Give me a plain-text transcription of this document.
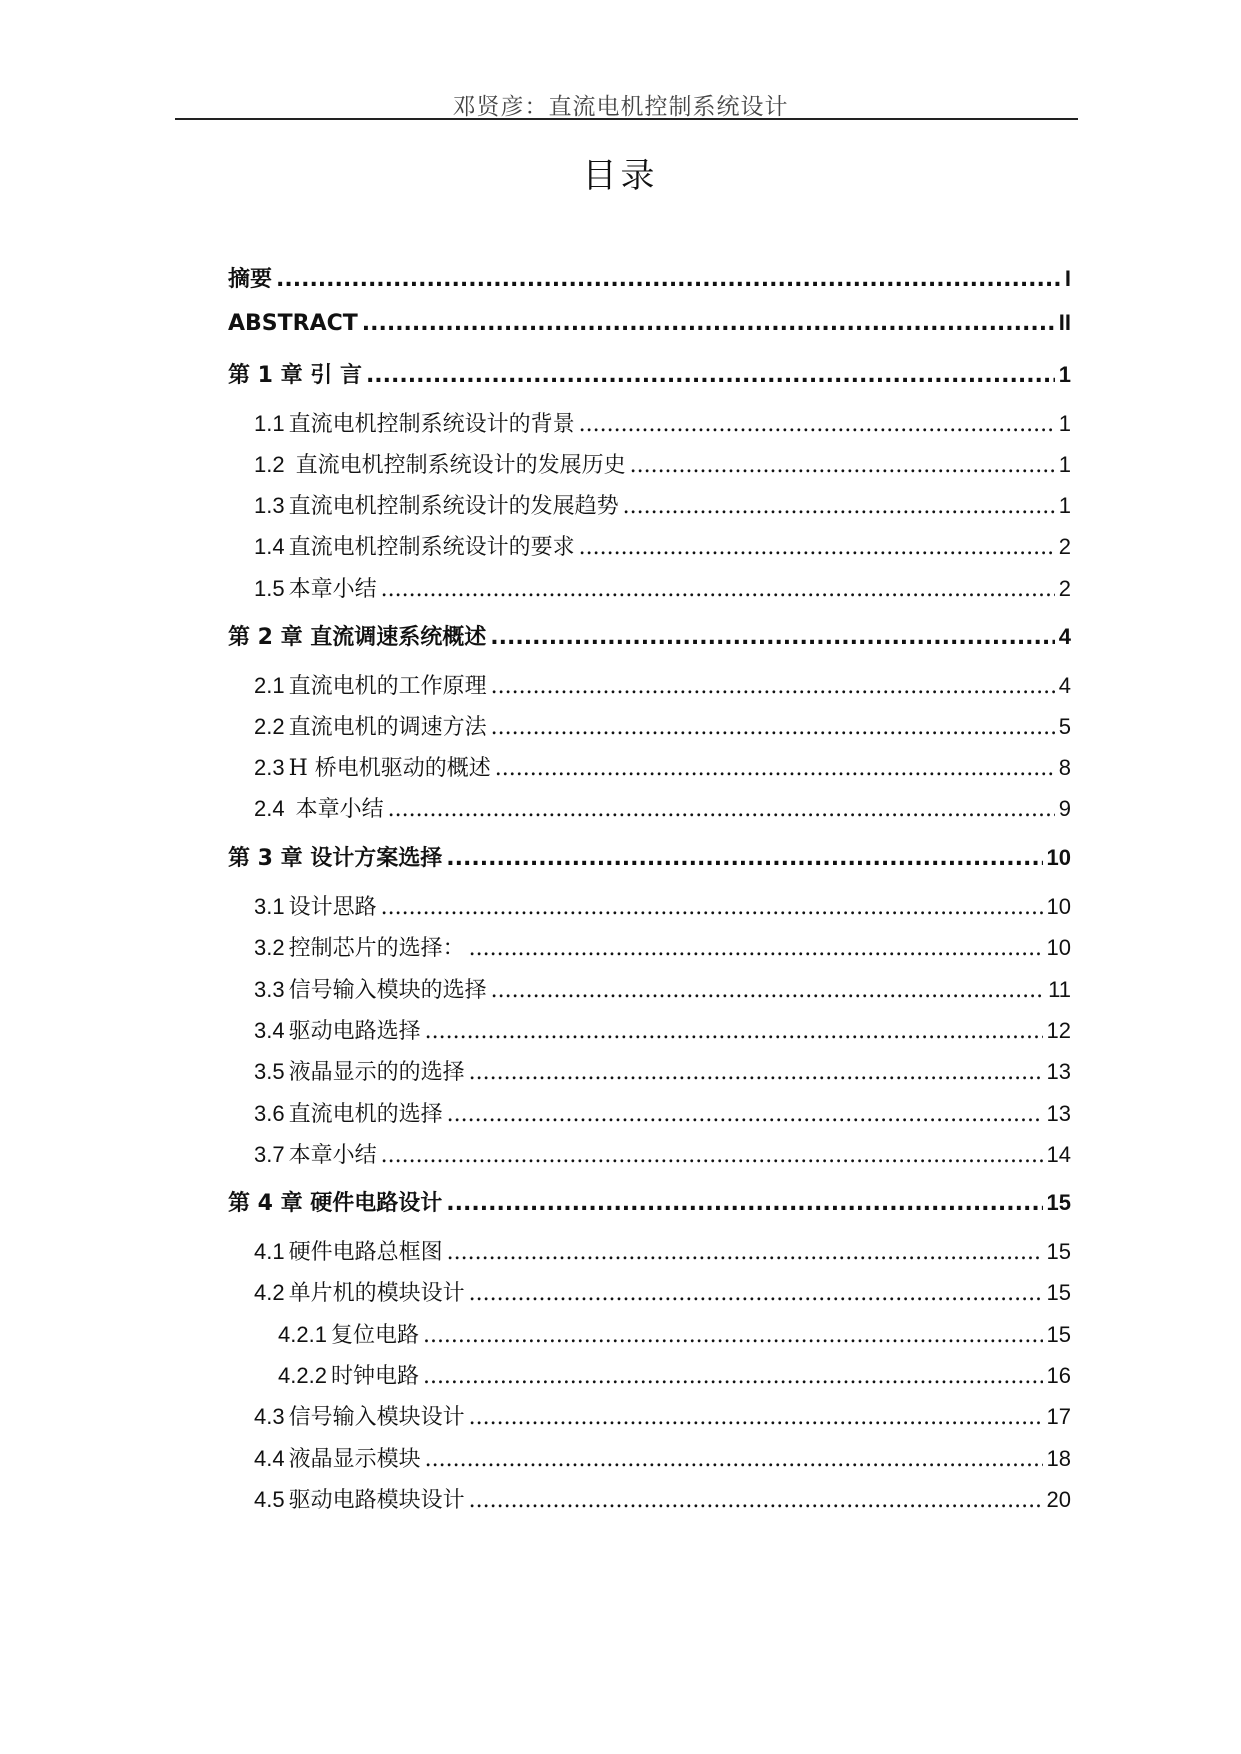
邓贤彦：直流电机控制系统设计
目录
摘要 .....	I
ABSTRACT .....	II
第 1 章 引 言 .....	1
1.1 直流电机控制系统设计的背景 .....	1
1.2 直流电机控制系统设计的发展历史 .....	1
1.3 直流电机控制系统设计的发展趋势 .....	1
1.4 直流电机控制系统设计的要求 .....	2
1.5 本章小结 .....	2
第 2 章 直流调速系统概述 .....	4
2.1 直流电机的工作原理 .....	4
2.2 直流电机的调速方法 .....	5
2.3 H 桥电机驱动的概述 .....	8
2.4 本章小结 .....	9
第 3 章 设计方案选择 .....	10
3.1 设计思路 .....	10
3.2 控制芯片的选择： .....	10
3.3 信号输入模块的选择 .....	11
3.4 驱动电路选择 .....	12
3.5 液晶显示的的选择 .....	13
3.6 直流电机的选择 .....	13
3.7 本章小结 .....	14
第 4 章 硬件电路设计 .....	15
4.1 硬件电路总框图 .....	15
4.2 单片机的模块设计 .....	15
4.2.1 复位电路 .....	15
4.2.2 时钟电路 .....	16
4.3 信号输入模块设计 .....	17
4.4 液晶显示模块 .....	18
4.5 驱动电路模块设计 .....	20
